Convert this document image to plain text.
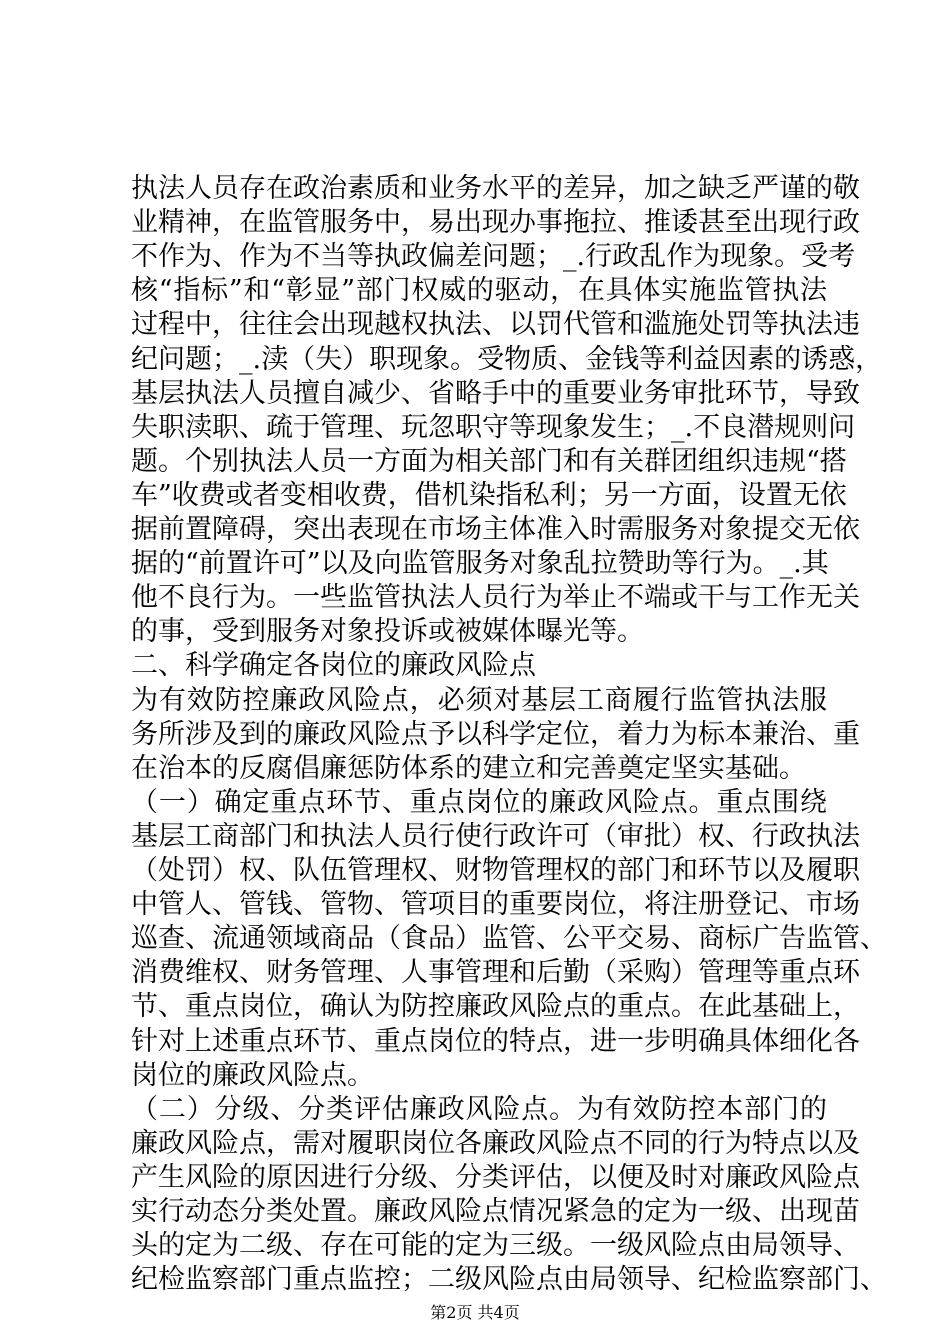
执法人员存在政治素质和业务水平的差异，加之缺乏严谨的敬
业精神，在监管服务中，易出现办事拖拉、推诿甚至出现行政
不作为、作为不当等执政偏差问题；_.行政乱作为现象。受考
核“指标”和“彰显”部门权威的驱动，在具体实施监管执法
过程中，往往会出现越权执法、以罚代管和滥施处罚等执法违
纪问题；_.渎（失）职现象。受物质、金钱等利益因素的诱惑，
基层执法人员擅自减少、省略手中的重要业务审批环节，导致
失职渎职、疏于管理、玩忽职守等现象发生；_.不良潜规则问
题。个别执法人员一方面为相关部门和有关群团组织违规“搭
车”收费或者变相收费，借机染指私利；另一方面，设置无依
据前置障碍，突出表现在市场主体准入时需服务对象提交无依
据的“前置许可”以及向监管服务对象乱拉赞助等行为。_.其
他不良行为。一些监管执法人员行为举止不端或干与工作无关
的事，受到服务对象投诉或被媒体曝光等。
二、科学确定各岗位的廉政风险点
为有效防控廉政风险点，必须对基层工商履行监管执法服
务所涉及到的廉政风险点予以科学定位，着力为标本兼治、重
在治本的反腐倡廉惩防体系的建立和完善奠定坚实基础。
（一）确定重点环节、重点岗位的廉政风险点。重点围绕
基层工商部门和执法人员行使行政许可（审批）权、行政执法
（处罚）权、队伍管理权、财物管理权的部门和环节以及履职
中管人、管钱、管物、管项目的重要岗位，将注册登记、市场
巡查、流通领域商品（食品）监管、公平交易、商标广告监管、
消费维权、财务管理、人事管理和后勤（采购）管理等重点环
节、重点岗位，确认为防控廉政风险点的重点。在此基础上，
针对上述重点环节、重点岗位的特点，进一步明确具体细化各
岗位的廉政风险点。
（二）分级、分类评估廉政风险点。为有效防控本部门的
廉政风险点，需对履职岗位各廉政风险点不同的行为特点以及
产生风险的原因进行分级、分类评估，以便及时对廉政风险点
实行动态分类处置。廉政风险点情况紧急的定为一级、出现苗
头的定为二级、存在可能的定为三级。一级风险点由局领导、
纪检监察部门重点监控；二级风险点由局领导、纪检监察部门、
第2页 共4页
